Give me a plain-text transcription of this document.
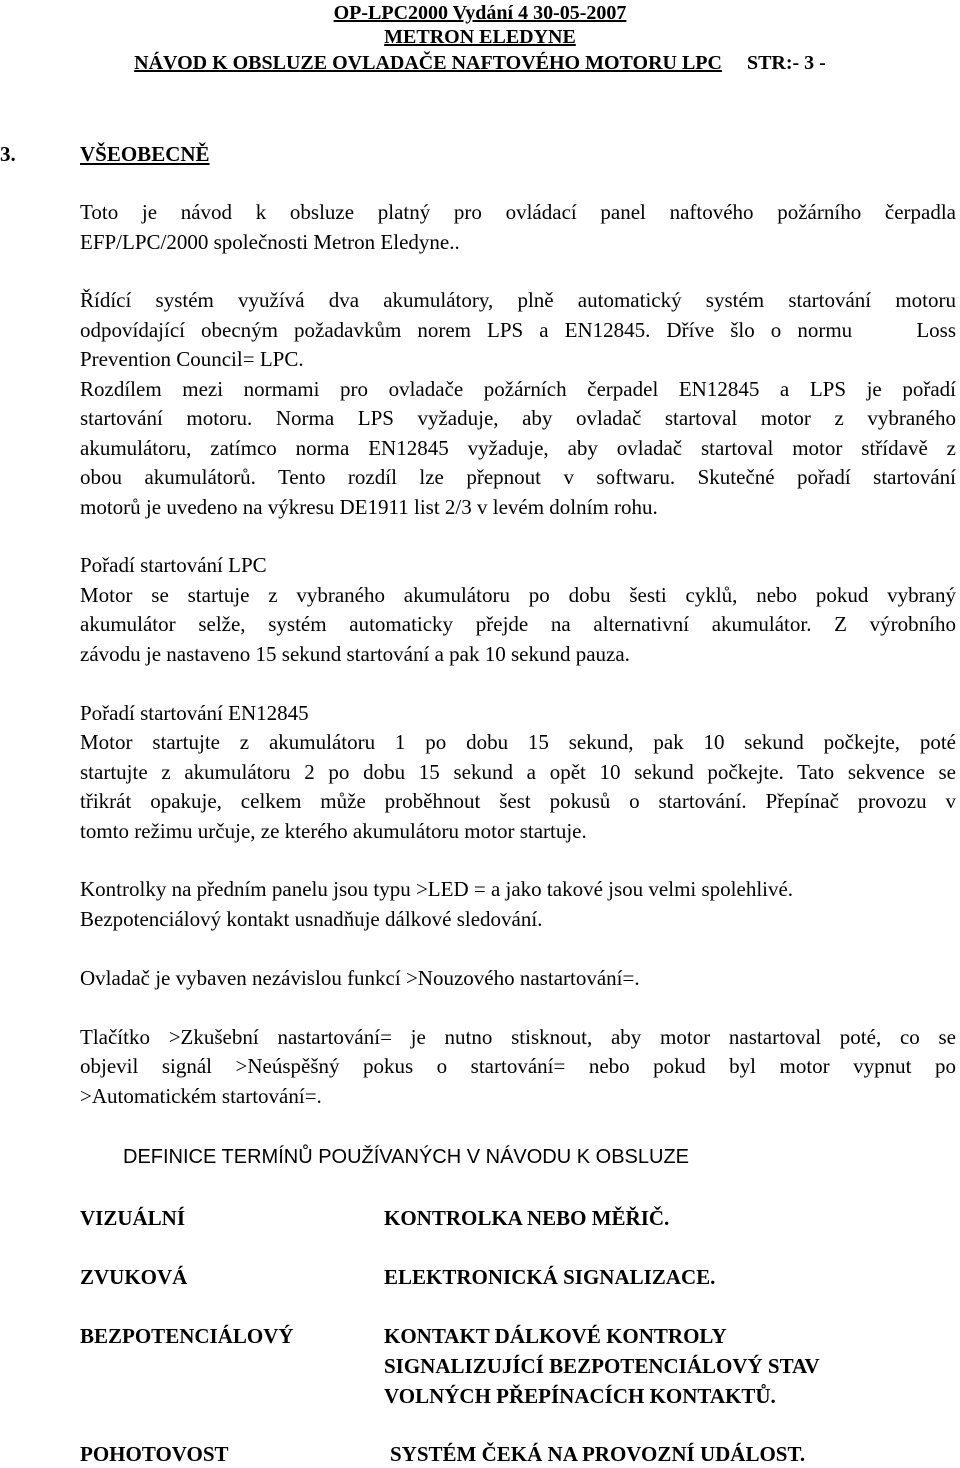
OP-LPC2000 Vydání 4 30-05-2007
METRON ELEDYNE
NÁVOD K OBSLUZE OVLADAČE NAFTOVÉHO MOTORU LPC STR:- 3 -
3.	VŠEOBECNĚ
Toto je návod k obsluze platný pro ovládací panel naftového požárního čerpadla
EFP/LPC/2000 společnosti Metron Eledyne..
Řídící systém využívá dva akumulátory, plně automatický systém startování motoru
odpovídající obecným požadavkům norem LPS a EN12845. Dříve šlo o normu    Loss
Prevention Council= LPC.
Rozdílem mezi normami pro ovladače požárních čerpadel EN12845 a LPS je pořadí
startování motoru. Norma LPS vyžaduje, aby ovladač startoval motor z vybraného
akumulátoru, zatímco norma EN12845 vyžaduje, aby ovladač startoval motor střídavě z
obou akumulátorů. Tento rozdíl lze přepnout v softwaru. Skutečné pořadí startování
motorů je uvedeno na výkresu DE1911 list 2/3 v levém dolním rohu.
Pořadí startování LPC
Motor se startuje z vybraného akumulátoru po dobu šesti cyklů, nebo pokud vybraný
akumulátor selže, systém automaticky přejde na alternativní akumulátor. Z výrobního
závodu je nastaveno 15 sekund startování a pak 10 sekund pauza.
Pořadí startování EN12845
Motor startujte z akumulátoru 1 po dobu 15 sekund, pak 10 sekund počkejte, poté
startujte z akumulátoru 2 po dobu 15 sekund a opět 10 sekund počkejte. Tato sekvence se
třikrát opakuje, celkem může proběhnout šest pokusů o startování. Přepínač provozu v
tomto režimu určuje, ze kterého akumulátoru motor startuje.
Kontrolky na předním panelu jsou typu >LED = a jako takové jsou velmi spolehlivé.
Bezpotenciálový kontakt usnadňuje dálkové sledování.
Ovladač je vybaven nezávislou funkcí >Nouzového nastartování=.
Tlačítko >Zkušební nastartování= je nutno stisknout, aby motor nastartoval poté, co se
objevil signál >Neúspěšný pokus o startování= nebo pokud byl motor vypnut po
>Automatickém startování=.
DEFINICE TERMÍNŮ POUŽÍVANÝCH V NÁVODU K OBSLUZE
VIZUÁLNÍ	KONTROLKA NEBO MĚŘIČ.
ZVUKOVÁ	ELEKTRONICKÁ SIGNALIZACE.
BEZPOTENCIÁLOVÝ	KONTAKT DÁLKOVÉ KONTROLY
SIGNALIZUJÍCÍ BEZPOTENCIÁLOVÝ STAV
VOLNÝCH PŘEPÍNACÍCH KONTAKTŮ.
POHOTOVOST	SYSTÉM ČEKÁ NA PROVOZNÍ UDÁLOST.
